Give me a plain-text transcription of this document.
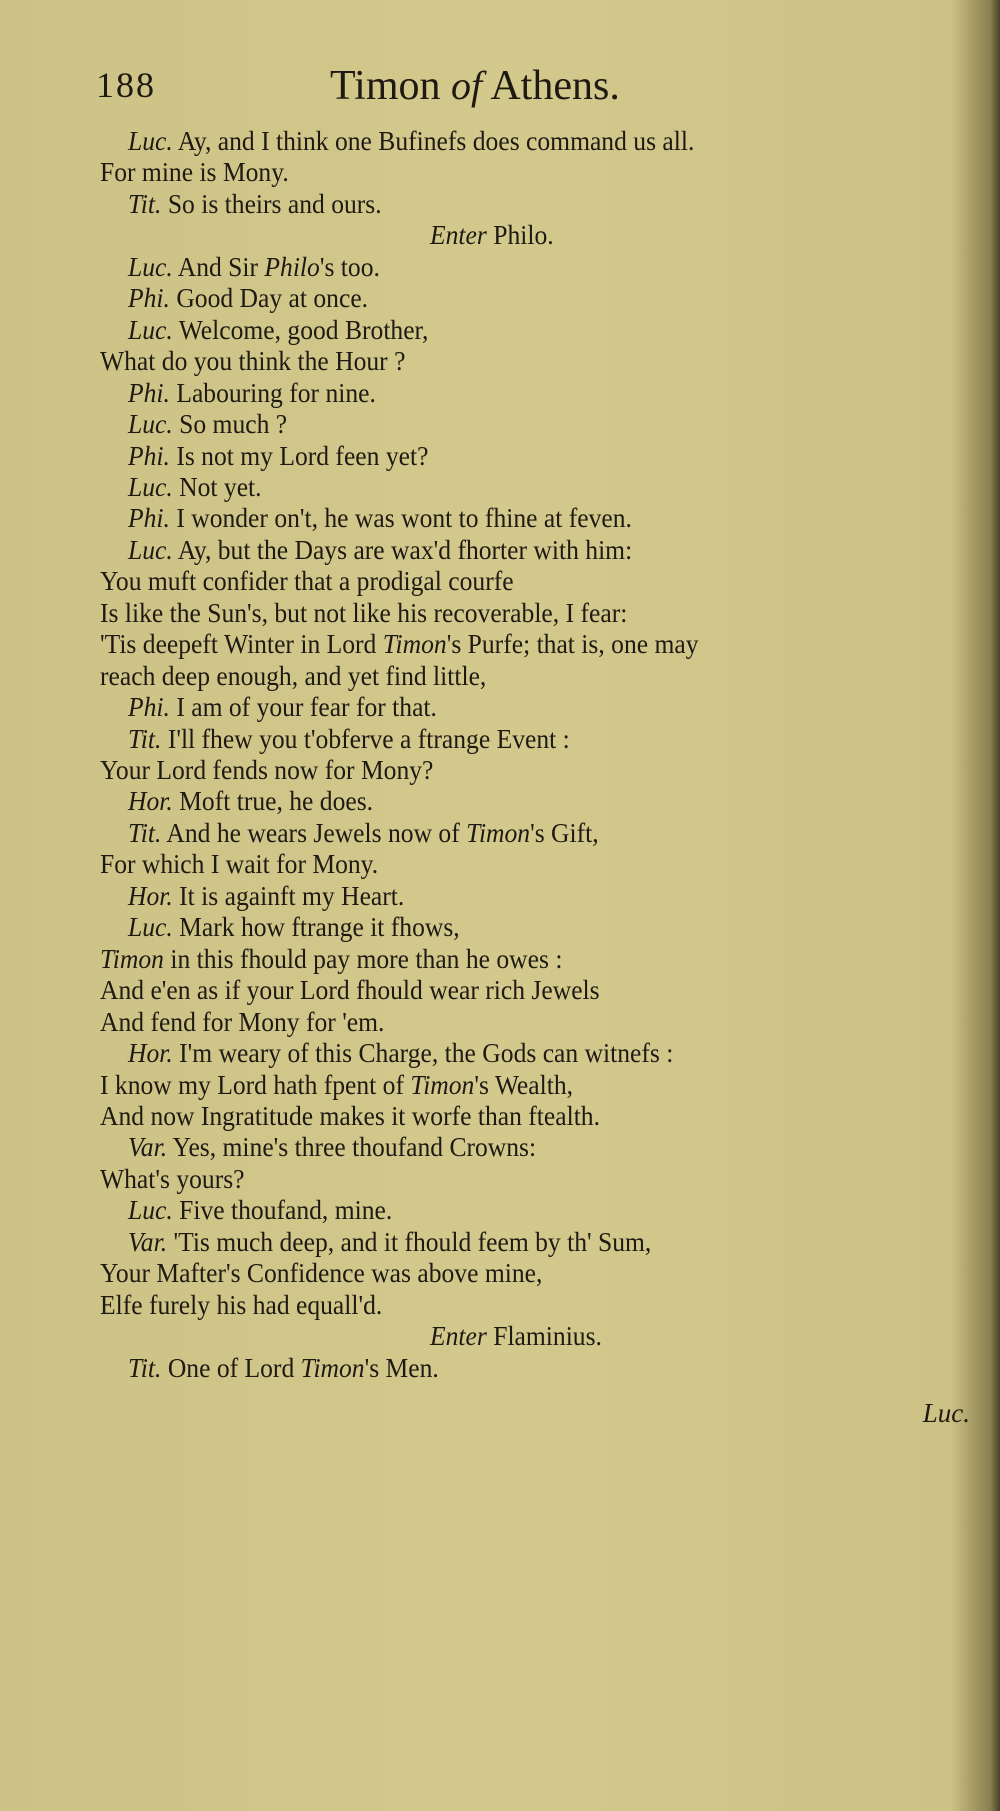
188	Timon of Athens.
Luc. Ay, and I think one Bufinefs does command us all.
For mine is Mony.
Tit. So is theirs and ours.
Enter Philo.
Luc. And Sir Philo's too.
Phi. Good Day at once.
Luc. Welcome, good Brother,
What do you think the Hour ?
Phi. Labouring for nine.
Luc. So much ?
Phi. Is not my Lord feen yet?
Luc. Not yet.
Phi. I wonder on't, he was wont to fhine at feven.
Luc. Ay, but the Days are wax'd fhorter with him:
You muft confider that a prodigal courfe
Is like the Sun's, but not like his recoverable, I fear:
'Tis deepeft Winter in Lord Timon's Purfe; that is, one may
reach deep enough, and yet find little,
Phi. I am of your fear for that.
Tit. I'll fhew you t'obferve a ftrange Event :
Your Lord fends now for Mony?
Hor. Moft true, he does.
Tit. And he wears Jewels now of Timon's Gift,
For which I wait for Mony.
Hor. It is againft my Heart.
Luc. Mark how ftrange it fhows,
Timon in this fhould pay more than he owes :
And e'en as if your Lord fhould wear rich Jewels
And fend for Mony for 'em.
Hor. I'm weary of this Charge, the Gods can witnefs :
I know my Lord hath fpent of Timon's Wealth,
And now Ingratitude makes it worfe than ftealth.
Var. Yes, mine's three thoufand Crowns:
What's yours?
Luc. Five thoufand, mine.
Var. 'Tis much deep, and it fhould feem by th' Sum,
Your Mafter's Confidence was above mine,
Elfe furely his had equall'd.
Enter Flaminius.
Tit. One of Lord Timon's Men.
Luc.
